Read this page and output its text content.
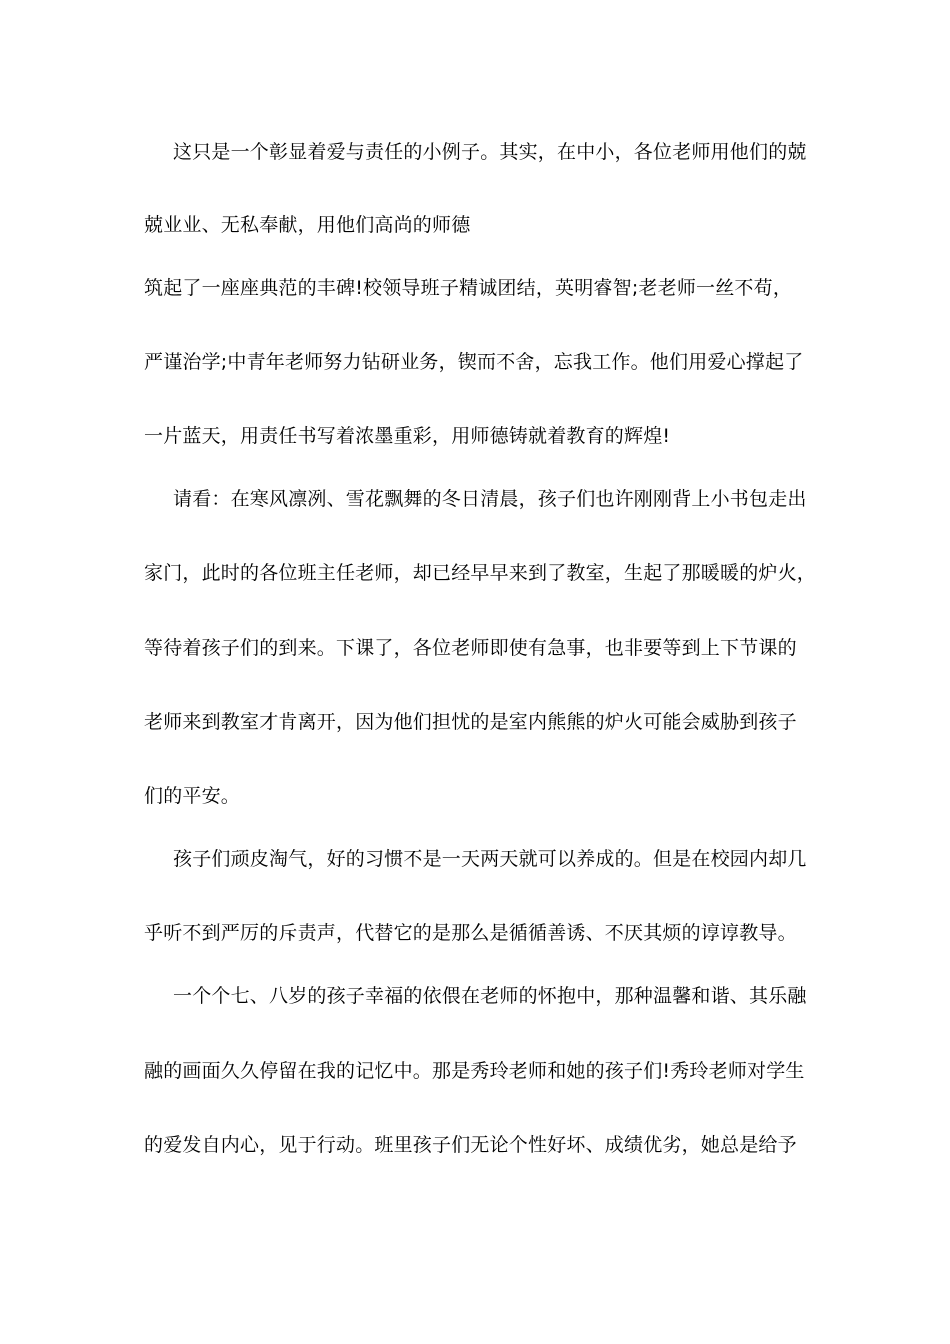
这只是一个彰显着爱与责任的小例子。其实，在中小，各位老师用他们的兢
兢业业、无私奉献，用他们高尚的师德
筑起了一座座典范的丰碑!校领导班子精诚团结，英明睿智;老老师一丝不苟，
严谨治学;中青年老师努力钻研业务，锲而不舍，忘我工作。他们用爱心撑起了
一片蓝天，用责任书写着浓墨重彩，用师德铸就着教育的辉煌!
请看：在寒风凛冽、雪花飘舞的冬日清晨，孩子们也许刚刚背上小书包走出
家门，此时的各位班主任老师，却已经早早来到了教室，生起了那暖暖的炉火，
等待着孩子们的到来。下课了，各位老师即使有急事，也非要等到上下节课的
老师来到教室才肯离开，因为他们担忧的是室内熊熊的炉火可能会威胁到孩子
们的平安。
孩子们顽皮淘气，好的习惯不是一天两天就可以养成的。但是在校园内却几
乎听不到严厉的斥责声，代替它的是那么是循循善诱、不厌其烦的谆谆教导。
一个个七、八岁的孩子幸福的依偎在老师的怀抱中，那种温馨和谐、其乐融
融的画面久久停留在我的记忆中。那是秀玲老师和她的孩子们!秀玲老师对学生
的爱发自内心，见于行动。班里孩子们无论个性好坏、成绩优劣，她总是给予
